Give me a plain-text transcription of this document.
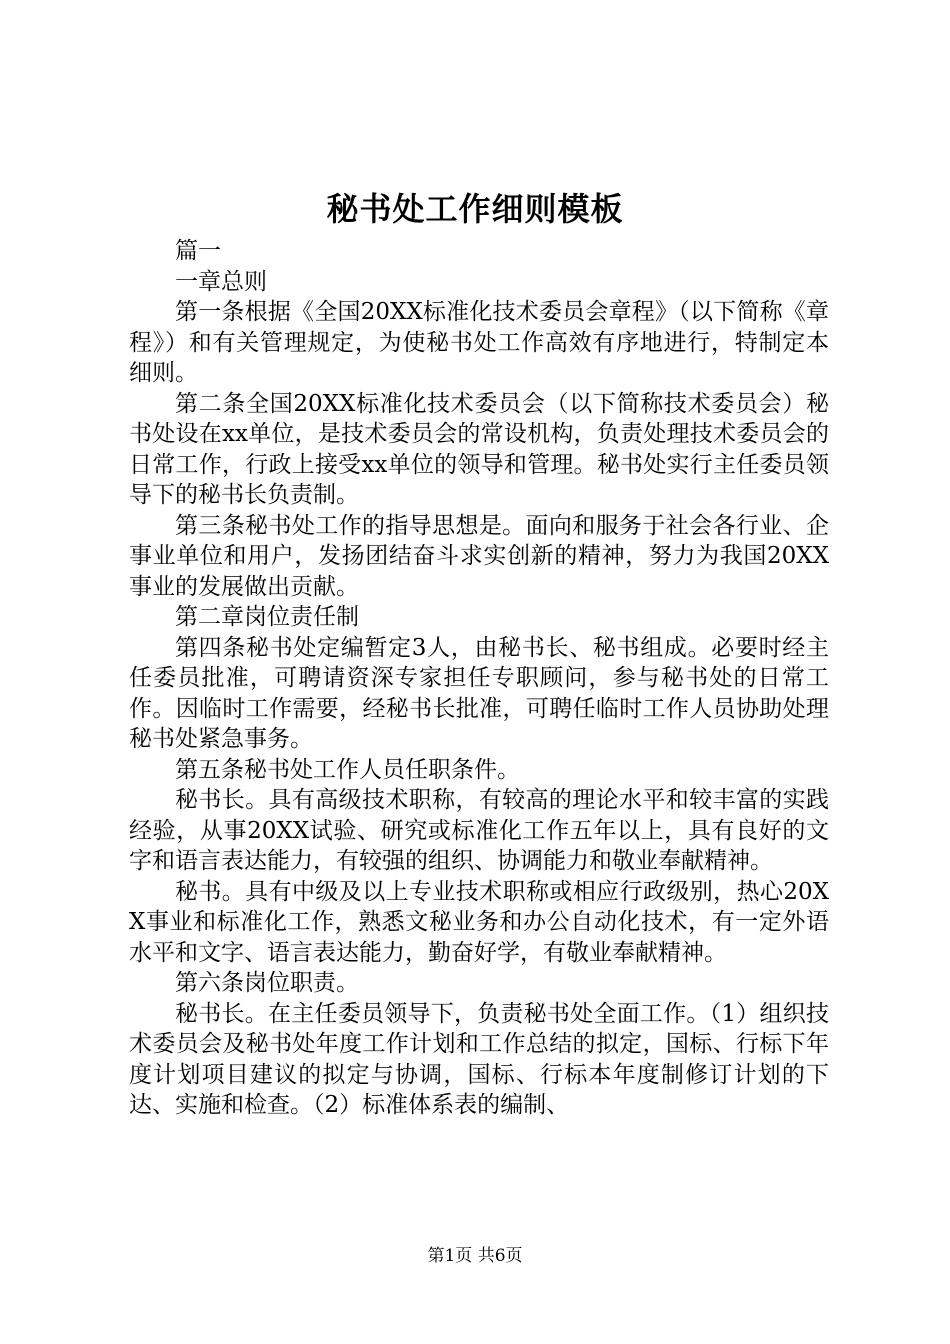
秘书处工作细则模板

篇一

一章总则

第一条根据《全国20XX标准化技术委员会章程》（以下简称《章程》）和有关管理规定，为使秘书处工作高效有序地进行，特制定本细则。

第二条全国20XX标准化技术委员会（以下简称技术委员会）秘书处设在xx单位，是技术委员会的常设机构，负责处理技术委员会的日常工作，行政上接受xx单位的领导和管理。秘书处实行主任委员领导下的秘书长负责制。

第三条秘书处工作的指导思想是。面向和服务于社会各行业、企事业单位和用户，发扬团结奋斗求实创新的精神，努力为我国20XX事业的发展做出贡献。

第二章岗位责任制

第四条秘书处定编暂定3人，由秘书长、秘书组成。必要时经主任委员批准，可聘请资深专家担任专职顾问，参与秘书处的日常工作。因临时工作需要，经秘书长批准，可聘任临时工作人员协助处理秘书处紧急事务。

第五条秘书处工作人员任职条件。

秘书长。具有高级技术职称，有较高的理论水平和较丰富的实践经验，从事20XX试验、研究或标准化工作五年以上，具有良好的文字和语言表达能力，有较强的组织、协调能力和敬业奉献精神。

秘书。具有中级及以上专业技术职称或相应行政级别，热心20XX事业和标准化工作，熟悉文秘业务和办公自动化技术，有一定外语水平和文字、语言表达能力，勤奋好学，有敬业奉献精神。

第六条岗位职责。

秘书长。在主任委员领导下，负责秘书处全面工作。（1）组织技术委员会及秘书处年度工作计划和工作总结的拟定，国标、行标下年度计划项目建议的拟定与协调，国标、行标本年度制修订计划的下达、实施和检查。（2）标准体系表的编制、

第1页 共6页
